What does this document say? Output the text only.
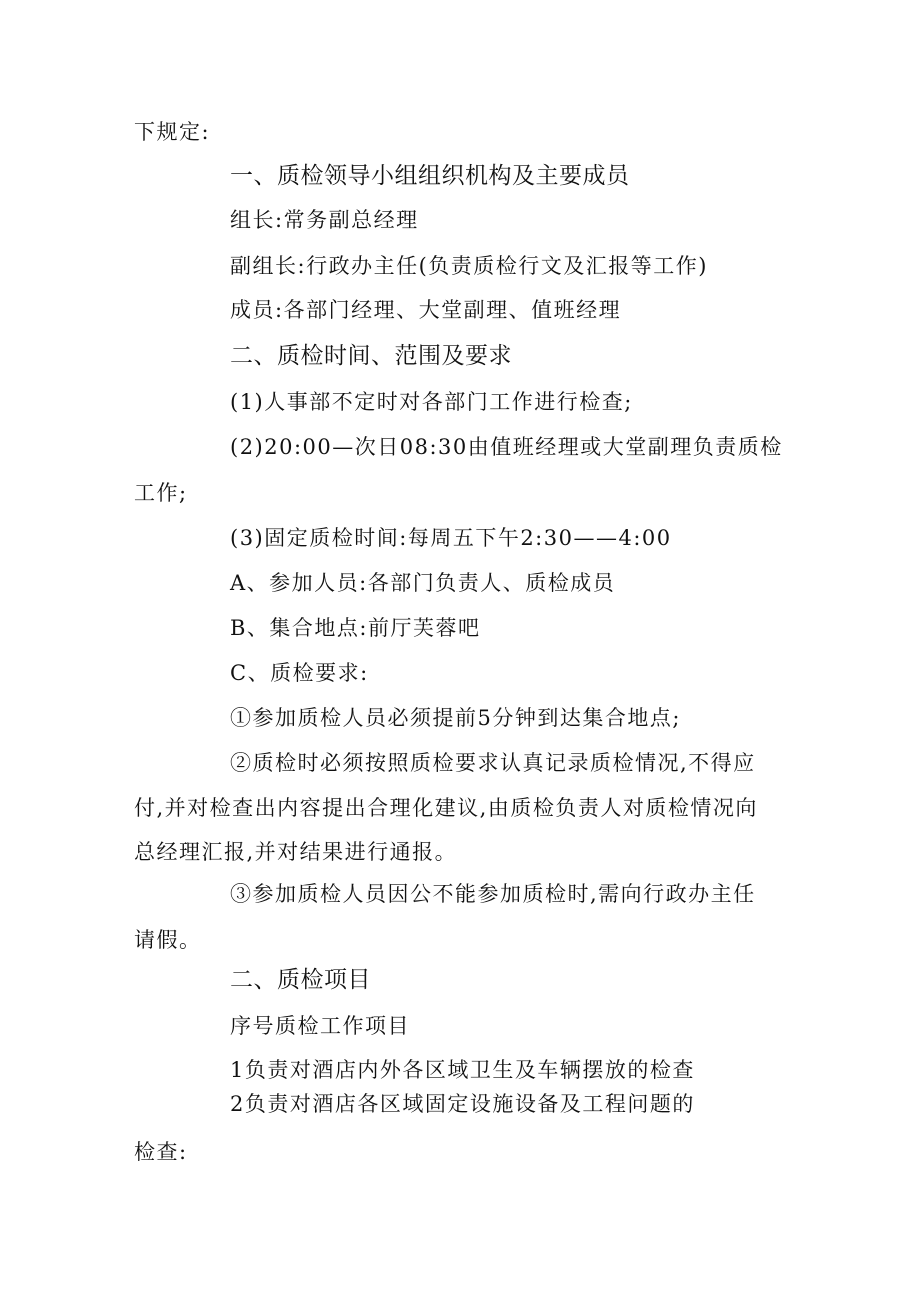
下规定:
一、质检领导小组组织机构及主要成员
组长:常务副总经理
副组长:行政办主任(负责质检行文及汇报等工作)
成员:各部门经理、大堂副理、值班经理
二、质检时间、范围及要求
(1)人事部不定时对各部门工作进行检查;
(2)20:00—次日08:30由值班经理或大堂副理负责质检
工作;
(3)固定质检时间:每周五下午2:30——4:00
A、参加人员:各部门负责人、质检成员
B、集合地点:前厅芙蓉吧
C、质检要求:
①参加质检人员必须提前5分钟到达集合地点;
②质检时必须按照质检要求认真记录质检情况,不得应
付,并对检查出内容提出合理化建议,由质检负责人对质检情况向
总经理汇报,并对结果进行通报。
③参加质检人员因公不能参加质检时,需向行政办主任
请假。
二、质检项目
序号质检工作项目
1负责对酒店内外各区域卫生及车辆摆放的检查
2负责对酒店各区域固定设施设备及工程问题的
检查:
